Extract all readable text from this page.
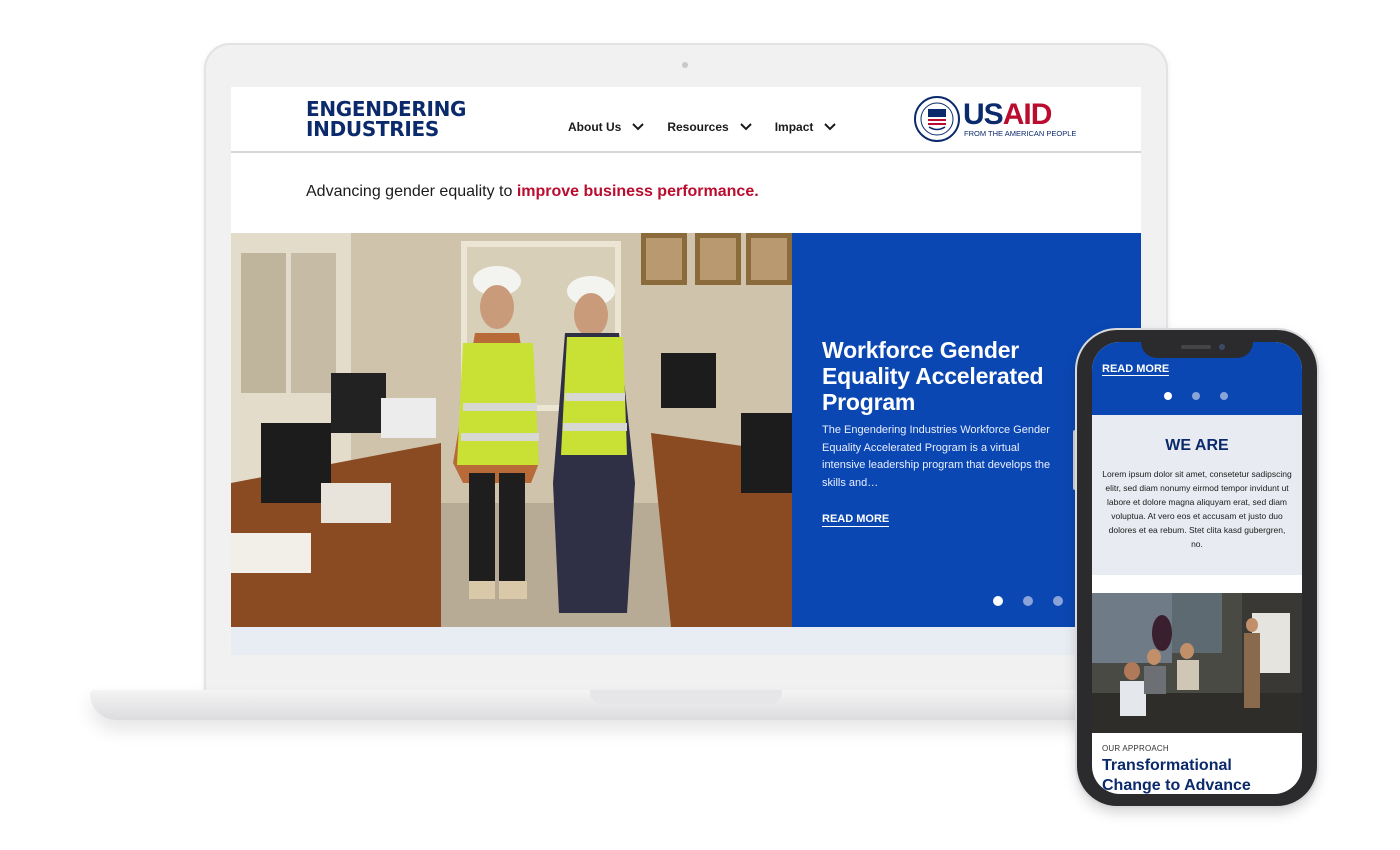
ENGENDERING
INDUSTRIES	About Us	Resources	Impact	USAID
FROM THE AMERICAN PEOPLE
Advancing gender equality to improve business performance.
Workforce Gender Equality Accelerated Program

The Engendering Industries Workforce Gender Equality Accelerated Program is a virtual intensive leadership program that develops the skills and…

READ MORE
READ MORE
WE ARE
Lorem ipsum dolor sit amet, consetetur sadipscing elitr, sed diam nonumy eirmod tempor invidunt ut labore et dolore magna aliquyam erat, sed diam voluptua. At vero eos et accusam et justo duo dolores et ea rebum. Stet clita kasd gubergren, no.
OUR APPROACH
Transformational Change to Advance
